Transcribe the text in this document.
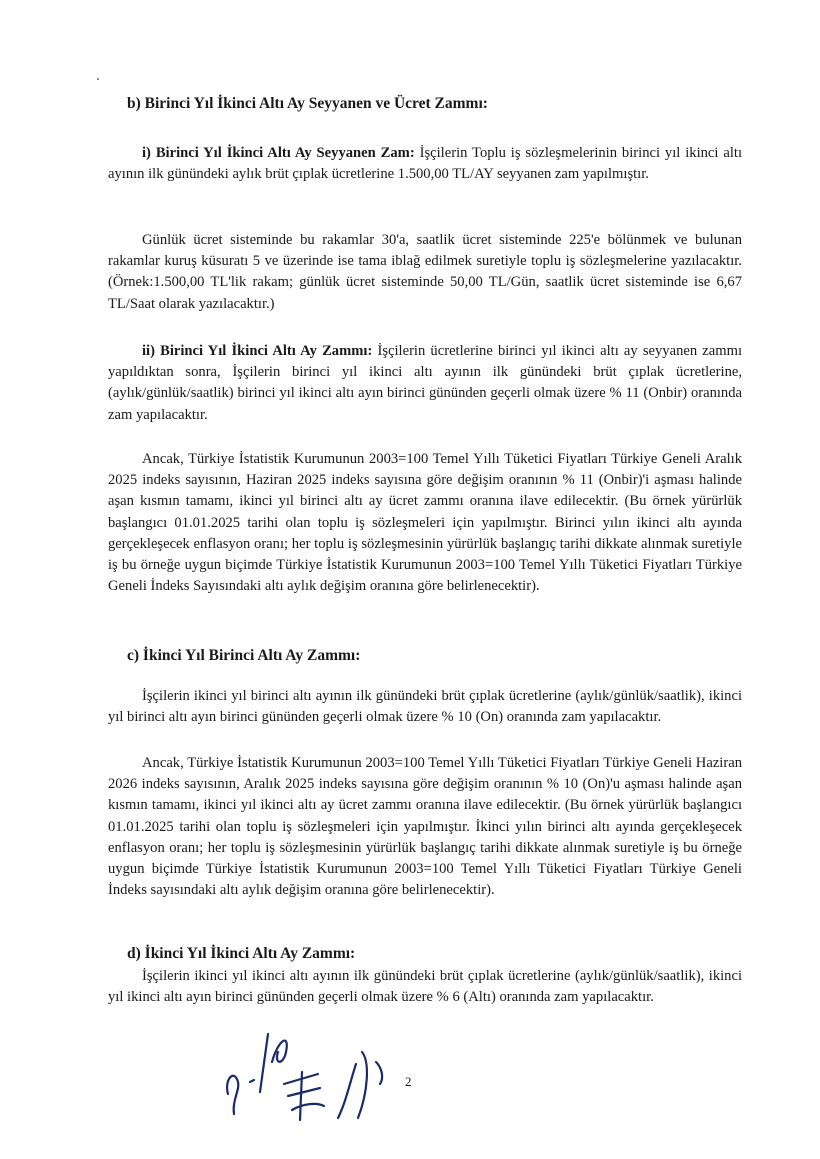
b) Birinci Yıl İkinci Altı Ay Seyyanen ve Ücret Zammı:
i) Birinci Yıl İkinci Altı Ay Seyyanen Zam: İşçilerin Toplu iş sözleşmelerinin birinci yıl ikinci altı ayının ilk günündeki aylık brüt çıplak ücretlerine 1.500,00 TL/AY seyyanen zam yapılmıştır.
Günlük ücret sisteminde bu rakamlar 30'a, saatlik ücret sisteminde 225'e bölünmek ve bulunan rakamlar kuruş küsuratı 5 ve üzerinde ise tama iblağ edilmek suretiyle toplu iş sözleşmelerine yazılacaktır. (Örnek:1.500,00 TL'lik rakam; günlük ücret sisteminde 50,00 TL/Gün, saatlik ücret sisteminde ise 6,67 TL/Saat olarak yazılacaktır.)
ii) Birinci Yıl İkinci Altı Ay Zammı: İşçilerin ücretlerine birinci yıl ikinci altı ay seyyanen zammı yapıldıktan sonra, İşçilerin birinci yıl ikinci altı ayının ilk günündeki brüt çıplak ücretlerine, (aylık/günlük/saatlik) birinci yıl ikinci altı ayın birinci gününden geçerli olmak üzere % 11 (Onbir) oranında zam yapılacaktır.
Ancak, Türkiye İstatistik Kurumunun 2003=100 Temel Yıllı Tüketici Fiyatları Türkiye Geneli Aralık 2025 indeks sayısının, Haziran 2025 indeks sayısına göre değişim oranının % 11 (Onbir)'i aşması halinde aşan kısmın tamamı, ikinci yıl birinci altı ay ücret zammı oranına ilave edilecektir. (Bu örnek yürürlük başlangıcı 01.01.2025 tarihi olan toplu iş sözleşmeleri için yapılmıştır. Birinci yılın ikinci altı ayında gerçekleşecek enflasyon oranı; her toplu iş sözleşmesinin yürürlük başlangıç tarihi dikkate alınmak suretiyle iş bu örneğe uygun biçimde Türkiye İstatistik Kurumunun 2003=100 Temel Yıllı Tüketici Fiyatları Türkiye Geneli İndeks Sayısındaki altı aylık değişim oranına göre belirlenecektir).
c) İkinci Yıl Birinci Altı Ay Zammı:
İşçilerin ikinci yıl birinci altı ayının ilk günündeki brüt çıplak ücretlerine (aylık/günlük/saatlik), ikinci yıl birinci altı ayın birinci gününden geçerli olmak üzere % 10 (On) oranında zam yapılacaktır.
Ancak, Türkiye İstatistik Kurumunun 2003=100 Temel Yıllı Tüketici Fiyatları Türkiye Geneli Haziran 2026 indeks sayısının, Aralık 2025 indeks sayısına göre değişim oranının % 10 (On)'u aşması halinde aşan kısmın tamamı, ikinci yıl ikinci altı ay ücret zammı oranına ilave edilecektir. (Bu örnek yürürlük başlangıcı 01.01.2025 tarihi olan toplu iş sözleşmeleri için yapılmıştır. İkinci yılın birinci altı ayında gerçekleşecek enflasyon oranı; her toplu iş sözleşmesinin yürürlük başlangıç tarihi dikkate alınmak suretiyle iş bu örneğe uygun biçimde Türkiye İstatistik Kurumunun 2003=100 Temel Yıllı Tüketici Fiyatları Türkiye Geneli İndeks sayısındaki altı aylık değişim oranına göre belirlenecektir).
d) İkinci Yıl İkinci Altı Ay Zammı:
İşçilerin ikinci yıl ikinci altı ayının ilk günündeki brüt çıplak ücretlerine (aylık/günlük/saatlik), ikinci yıl ikinci altı ayın birinci gününden geçerli olmak üzere % 6 (Altı) oranında zam yapılacaktır.
2
